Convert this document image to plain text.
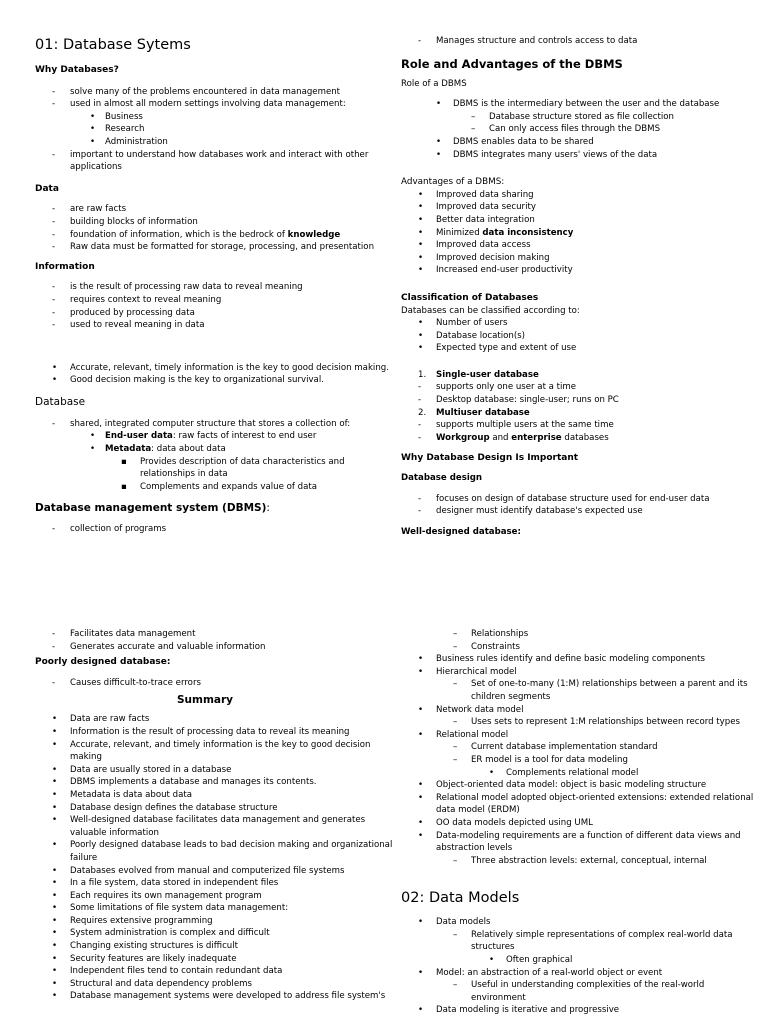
01: Database Sytems
Why Databases?
- solve many of the problems encountered in data management
- used in almost all modern settings involving data management:
• Business
• Research
• Administration
- important to understand how databases work and interact with other
applications
Data
- are raw facts
- building blocks of information
- foundation of information, which is the bedrock of knowledge
- Raw data must be formatted for storage, processing, and presentation
Information
- is the result of processing raw data to reveal meaning
- requires context to reveal meaning
- produced by processing data
- used to reveal meaning in data
• Accurate, relevant, timely information is the key to good decision making.
• Good decision making is the key to organizational survival.
Database
- shared, integrated computer structure that stores a collection of:
• End-user data: raw facts of interest to end user
• Metadata: data about data
▪ Provides description of data characteristics and
relationships in data
▪ Complements and expands value of data
Database management system (DBMS):
- collection of programs
- Manages structure and controls access to data
Role and Advantages of the DBMS
Role of a DBMS
• DBMS is the intermediary between the user and the database
– Database structure stored as file collection
– Can only access files through the DBMS
• DBMS enables data to be shared
• DBMS integrates many users' views of the data
Advantages of a DBMS:
• Improved data sharing
• Improved data security
• Better data integration
• Minimized data inconsistency
• Improved data access
• Improved decision making
• Increased end-user productivity
Classification of Databases
Databases can be classified according to:
• Number of users
• Database location(s)
• Expected type and extent of use
1. Single-user database
- supports only one user at a time
- Desktop database: single-user; runs on PC
2. Multiuser database
- supports multiple users at the same time
- Workgroup and enterprise databases
Why Database Design Is Important
Database design
- focuses on design of database structure used for end-user data
- designer must identify database's expected use
Well-designed database:
- Facilitates data management
- Generates accurate and valuable information
Poorly designed database:
- Causes difficult-to-trace errors
Summary
• Data are raw facts
• Information is the result of processing data to reveal its meaning
• Accurate, relevant, and timely information is the key to good decision
making
• Data are usually stored in a database
• DBMS implements a database and manages its contents.
• Metadata is data about data
• Database design defines the database structure
• Well-designed database facilitates data management and generates
valuable information
• Poorly designed database leads to bad decision making and organizational
failure
• Databases evolved from manual and computerized file systems
• In a file system, data stored in independent files
• Each requires its own management program
• Some limitations of file system data management:
• Requires extensive programming
• System administration is complex and difficult
• Changing existing structures is difficult
• Security features are likely inadequate
• Independent files tend to contain redundant data
• Structural and data dependency problems
• Database management systems were developed to address file system's
– Relationships
– Constraints
• Business rules identify and define basic modeling components
• Hierarchical model
– Set of one-to-many (1:M) relationships between a parent and its
children segments
• Network data model
– Uses sets to represent 1:M relationships between record types
• Relational model
– Current database implementation standard
– ER model is a tool for data modeling
• Complements relational model
• Object-oriented data model: object is basic modeling structure
• Relational model adopted object-oriented extensions: extended relational
data model (ERDM)
• OO data models depicted using UML
• Data-modeling requirements are a function of different data views and
abstraction levels
– Three abstraction levels: external, conceptual, internal
02: Data Models
• Data models
– Relatively simple representations of complex real-world data
structures
• Often graphical
• Model: an abstraction of a real-world object or event
– Useful in understanding complexities of the real-world
environment
• Data modeling is iterative and progressive
